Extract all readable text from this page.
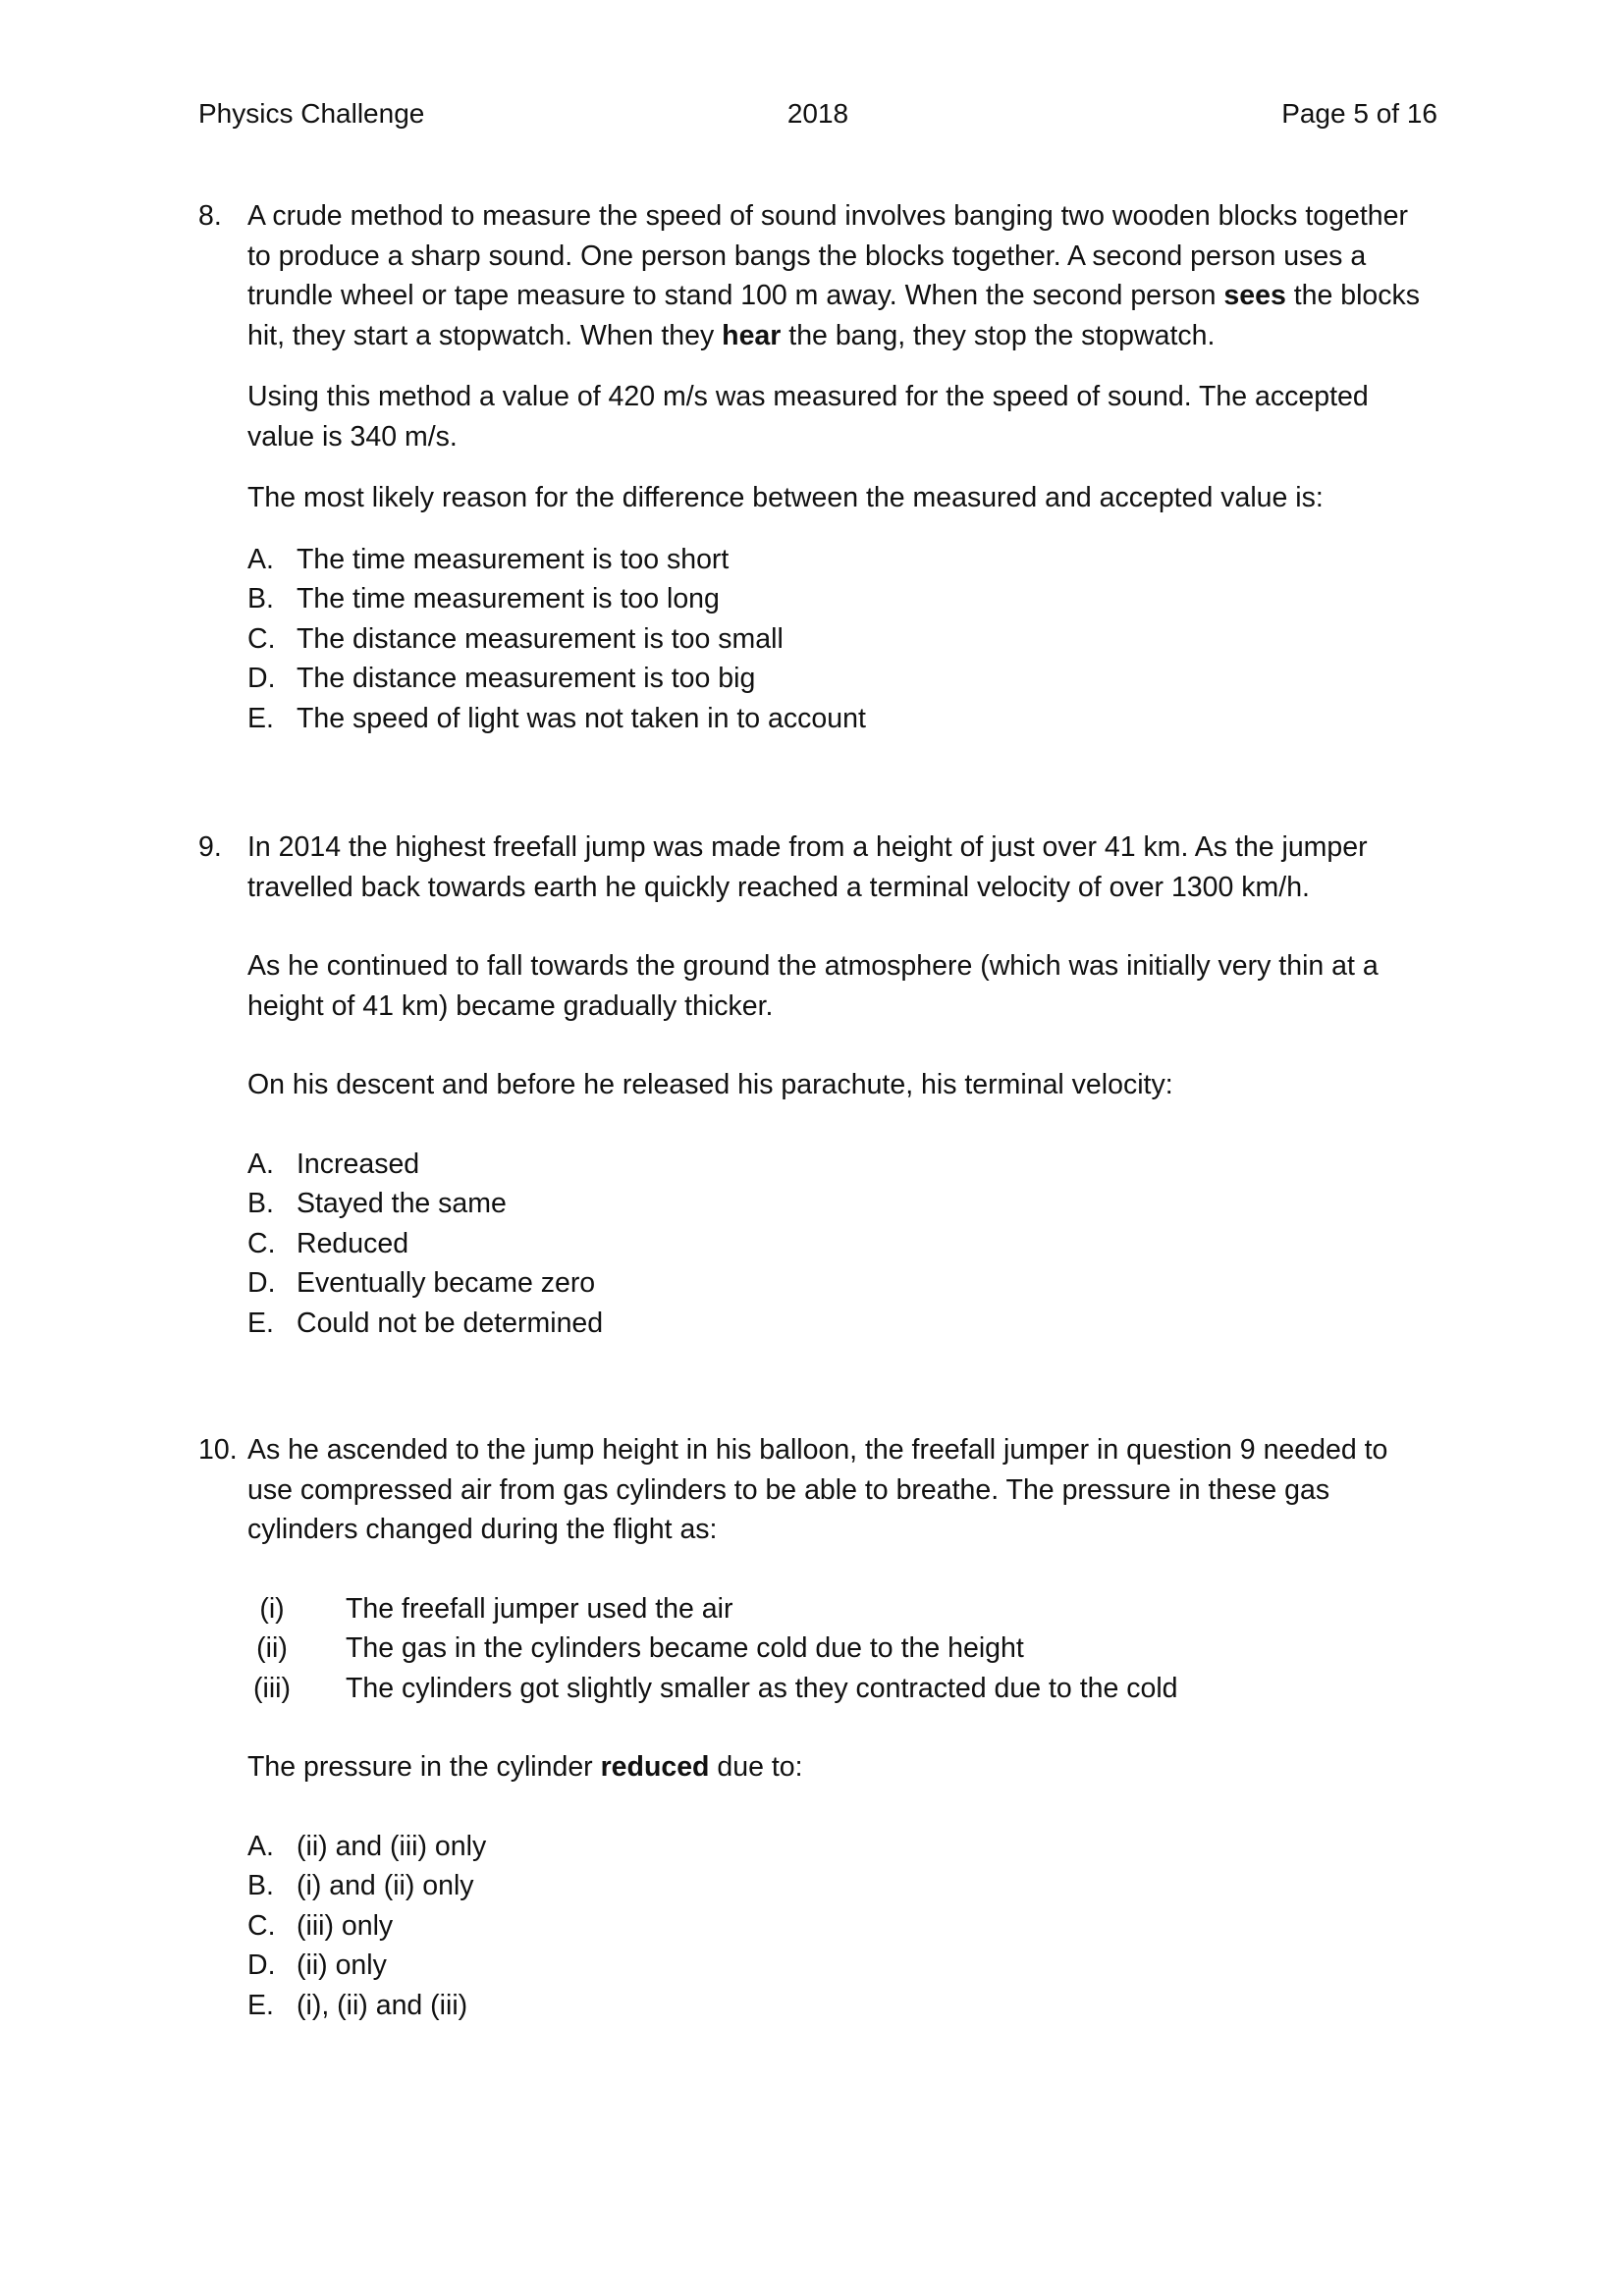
Physics Challenge	2018	Page 5 of 16
8. A crude method to measure the speed of sound involves banging two wooden blocks together to produce a sharp sound. One person bangs the blocks together. A second person uses a trundle wheel or tape measure to stand 100 m away. When the second person sees the blocks hit, they start a stopwatch. When they hear the bang, they stop the stopwatch.

Using this method a value of 420 m/s was measured for the speed of sound. The accepted value is 340 m/s.

The most likely reason for the difference between the measured and accepted value is:

A. The time measurement is too short
B. The time measurement is too long
C. The distance measurement is too small
D. The distance measurement is too big
E. The speed of light was not taken in to account
9. In 2014 the highest freefall jump was made from a height of just over 41 km. As the jumper travelled back towards earth he quickly reached a terminal velocity of over 1300 km/h.

As he continued to fall towards the ground the atmosphere (which was initially very thin at a height of 41 km) became gradually thicker.

On his descent and before he released his parachute, his terminal velocity:

A. Increased
B. Stayed the same
C. Reduced
D. Eventually became zero
E. Could not be determined
10. As he ascended to the jump height in his balloon, the freefall jumper in question 9 needed to use compressed air from gas cylinders to be able to breathe. The pressure in these gas cylinders changed during the flight as:

(i)	The freefall jumper used the air
(ii)	The gas in the cylinders became cold due to the height
(iii) The cylinders got slightly smaller as they contracted due to the cold

The pressure in the cylinder reduced due to:

A. (ii) and (iii) only
B. (i) and (ii) only
C. (iii) only
D. (ii) only
E. (i), (ii) and (iii)
